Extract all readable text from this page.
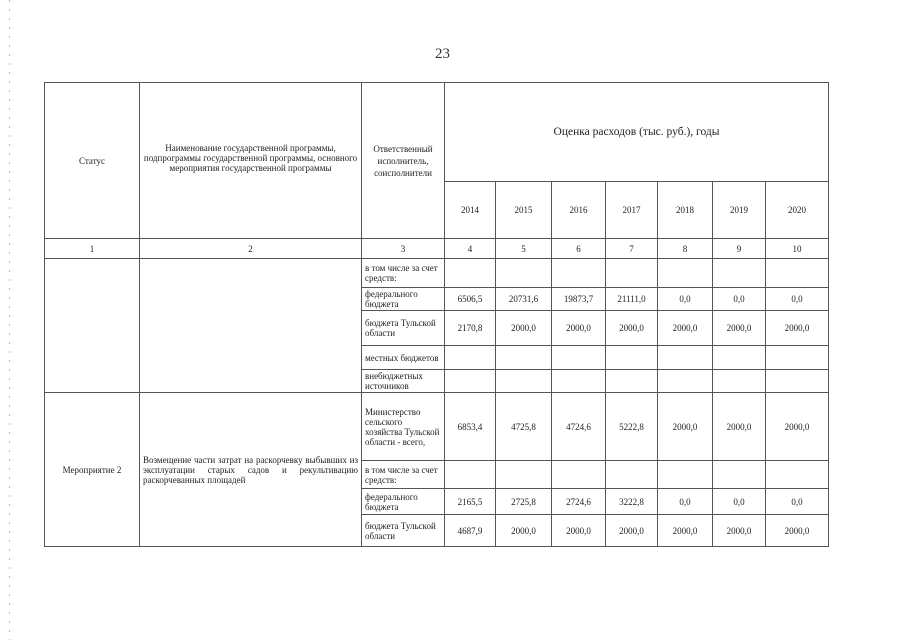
23
Статус	Наименование государственной программы, подпрограммы государственной программы, основного мероприятия государственной программы	Ответственный исполнитель, соисполнители	Оценка расходов (тыс. руб.), годы						
			2014	2015	2016	2017	2018	2019	2020
1	2	3	4	5	6	7	8	9	10
		в том числе за счет средств:							
		федерального бюджета	6506,5	20731,6	19873,7	21111,0	0,0	0,0	0,0
		бюджета Тульской области	2170,8	2000,0	2000,0	2000,0	2000,0	2000,0	2000,0
		местных бюджетов							
		внебюджетных источников							
Мероприятие 2	Возмещение части затрат на раскорчевку выбывших из эксплуатации старых садов и рекультивацию раскорчеванных площадей	Министерство сельского хозяйства Тульской области - всего,	6853,4	4725,8	4724,6	5222,8	2000,0	2000,0	2000,0
		в том числе за счет средств:							
		федерального бюджета	2165,5	2725,8	2724,6	3222,8	0,0	0,0	0,0
		бюджета Тульской области	4687,9	2000,0	2000,0	2000,0	2000,0	2000,0	2000,0
